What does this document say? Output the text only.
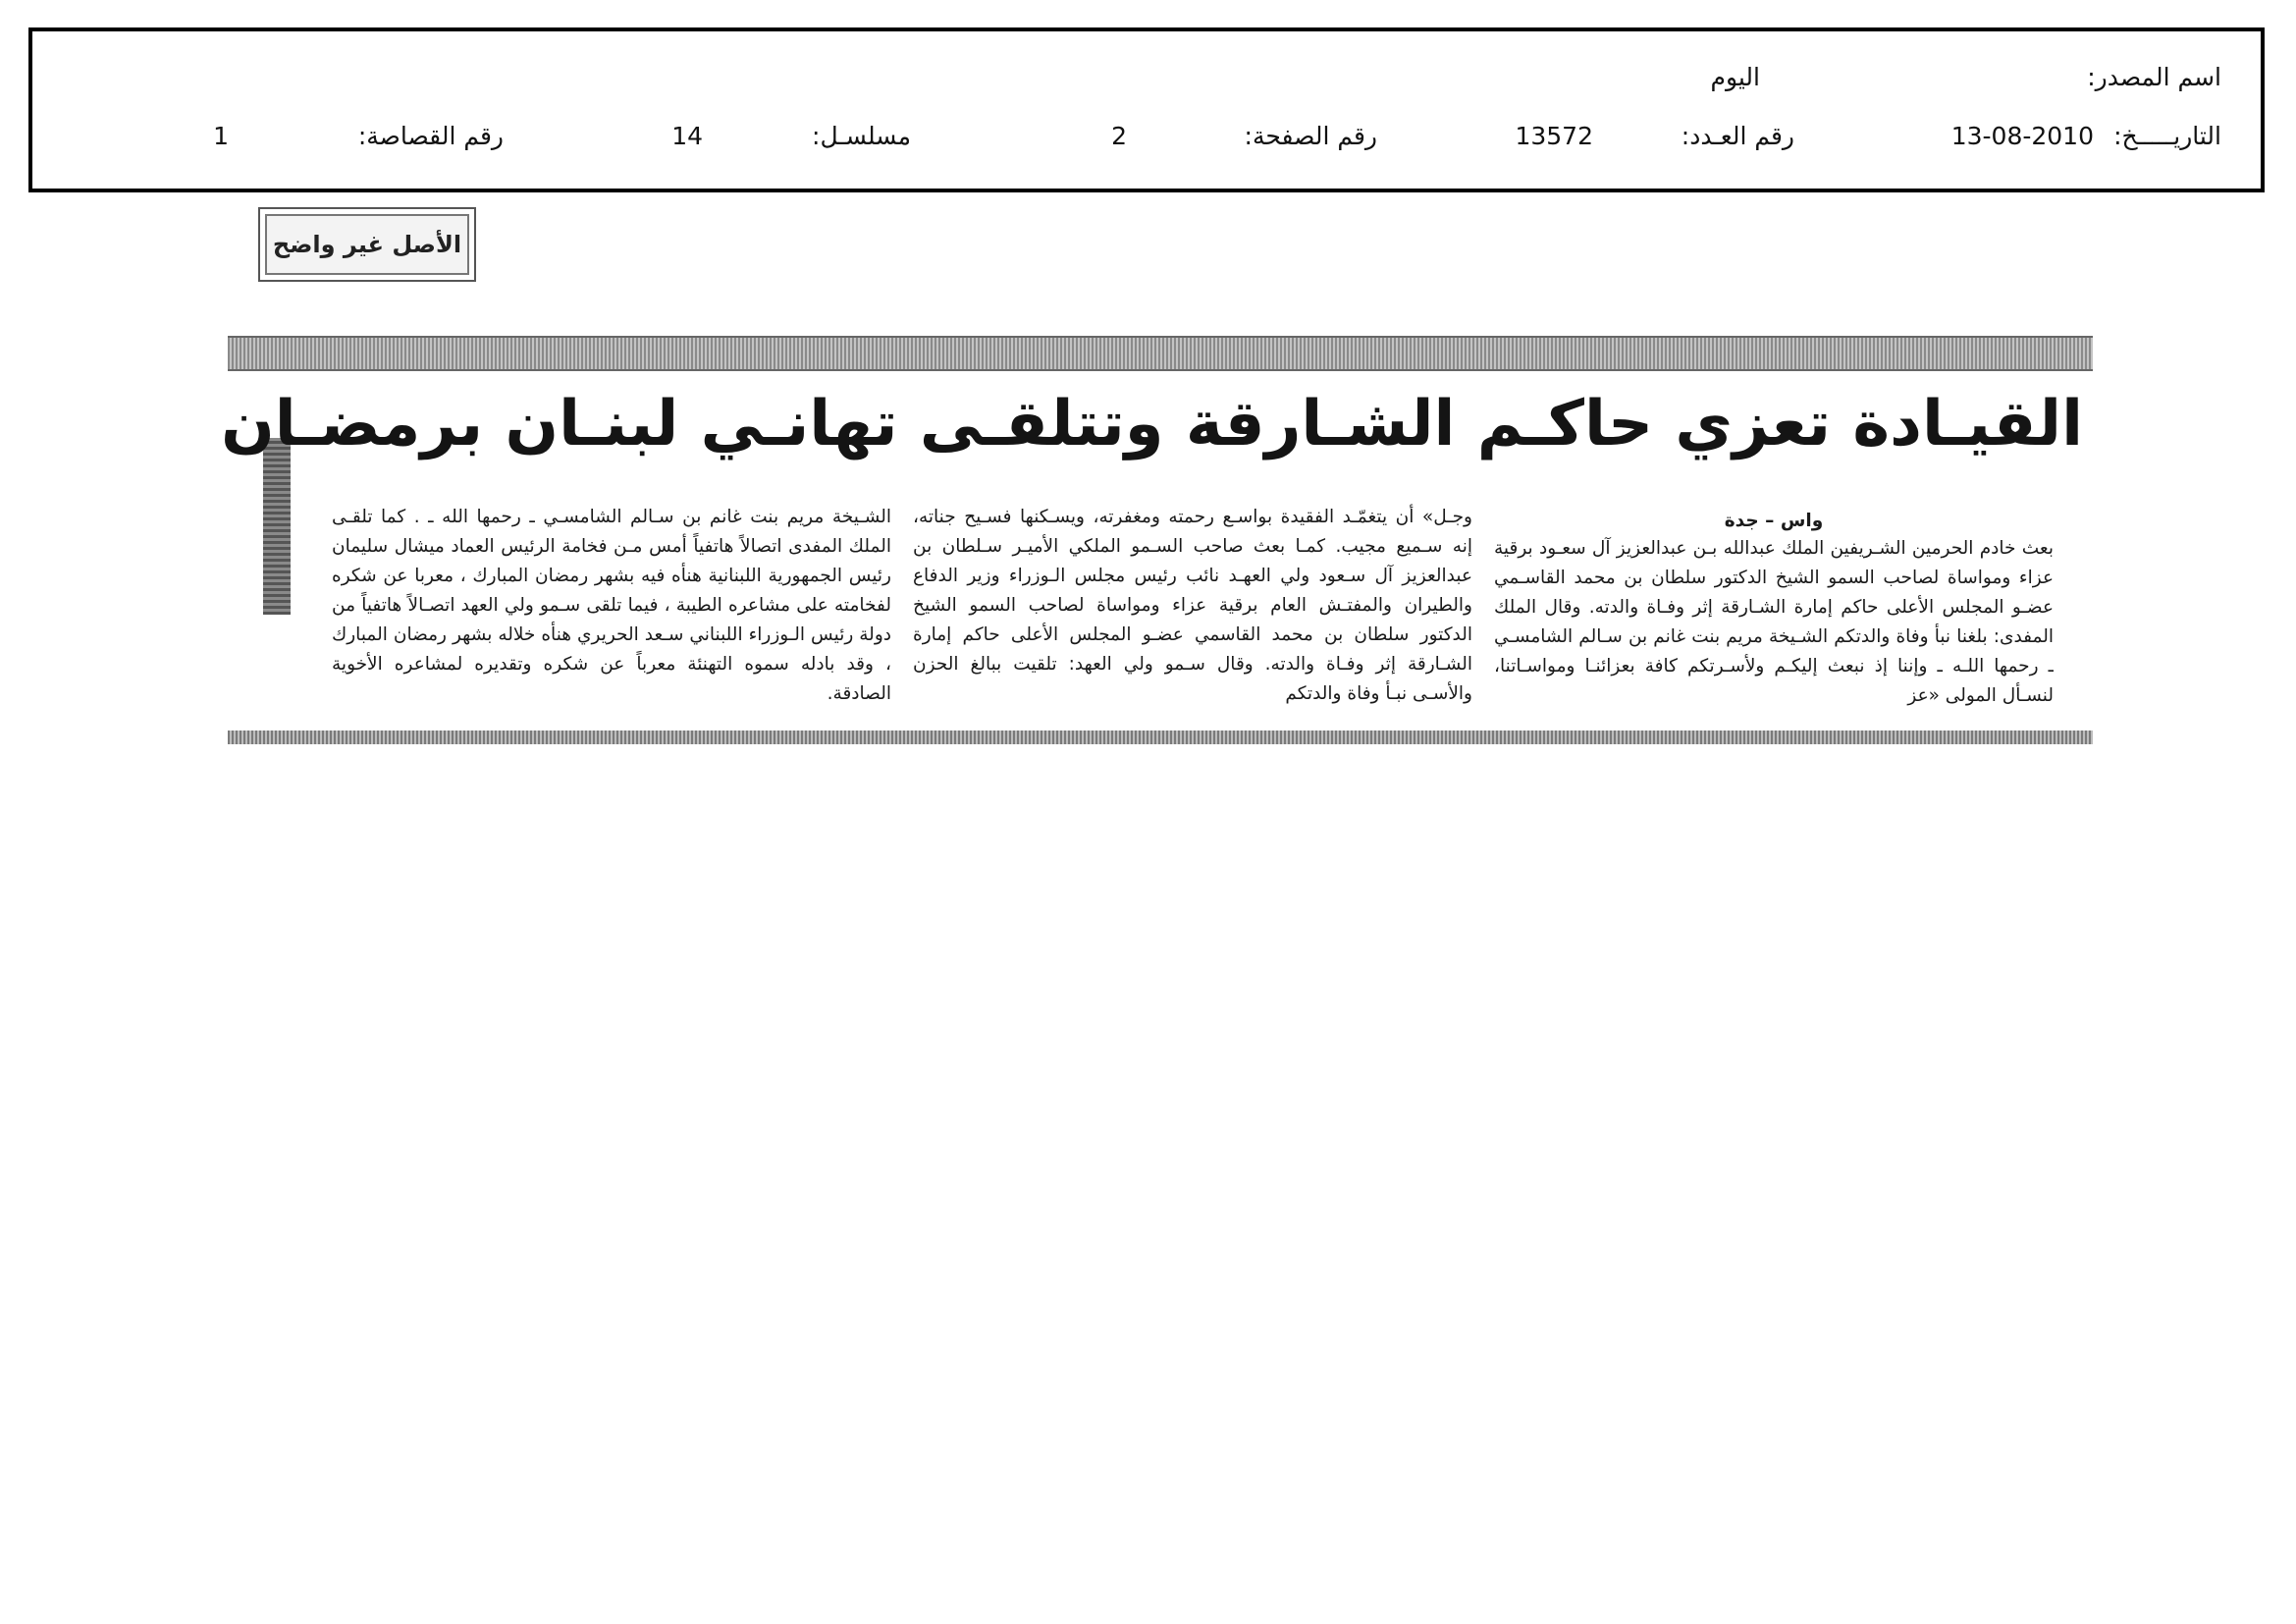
اسم المصدر:
اليوم
التاريـــــخ:
13-08-2010
رقم العـدد:
13572
رقم الصفحة:
2
مسلسـل:
14
رقم القصاصة:
1
الأصل غير واضح
القيـادة تعزي حاكـم الشـارقة وتتلقـى تهانـي لبنـان برمضـان
واس – جدة
بعث خادم الحرمين الشـريفين الملك عبدالله بـن عبدالعزيز آل سعـود برقية عزاء ومواساة لصاحب السمو الشيخ الدكتور سلطان بن محمد القاسـمي عضـو المجلس الأعلى حاكم إمارة الشـارقة إثر وفـاة والدته. وقال الملك المفدى: بلغنا نبأ وفاة والدتكم الشـيخة مريم بنت غانم بن سـالم الشامسـي ـ رحمها اللـه ـ وإننا إذ نبعث إليكـم ولأسـرتكم كافة بعزائنـا ومواسـاتنا، لنسـأل المولى «عز
وجـل» أن يتغمّـد الفقيدة بواسـع رحمته ومغفرته، ويسـكنها فسـيح جناته، إنه سـميع مجيب. كمـا بعث صاحب السـمو الملكي الأميـر سـلطان بن عبدالعزيز آل سـعود ولي العهـد نائب رئيس مجلس الـوزراء وزير الدفاع والطيران والمفتـش العام برقية عزاء ومواساة لصاحب السمو الشيخ الدكتور سلطان بن محمد القاسمي عضـو المجلس الأعلى حاكم إمارة الشـارقة إثر وفـاة والدته. وقال سـمو ولي العهد: تلقيت ببالغ الحزن والأسـى نبـأ وفاة والدتكم
الشـيخة مريم بنت غانم بن سـالم الشامسـي ـ رحمها الله ـ . كما تلقـى الملك المفدى اتصالاً هاتفياً أمس مـن فخامة الرئيس العماد ميشال سليمان رئيس الجمهورية اللبنانية هنأه فيه بشهر رمضان المبارك ، معربا عن شكره لفخامته على مشاعره الطيبة ، فيما تلقى سـمو ولي العهد اتصـالاً هاتفياً من دولة رئيس الـوزراء اللبناني سـعد الحريري هنأه خلاله بشهر رمضان المبارك ، وقد بادله سموه التهنئة معرباً عن شكره وتقديره لمشاعره الأخوية الصادقة.
